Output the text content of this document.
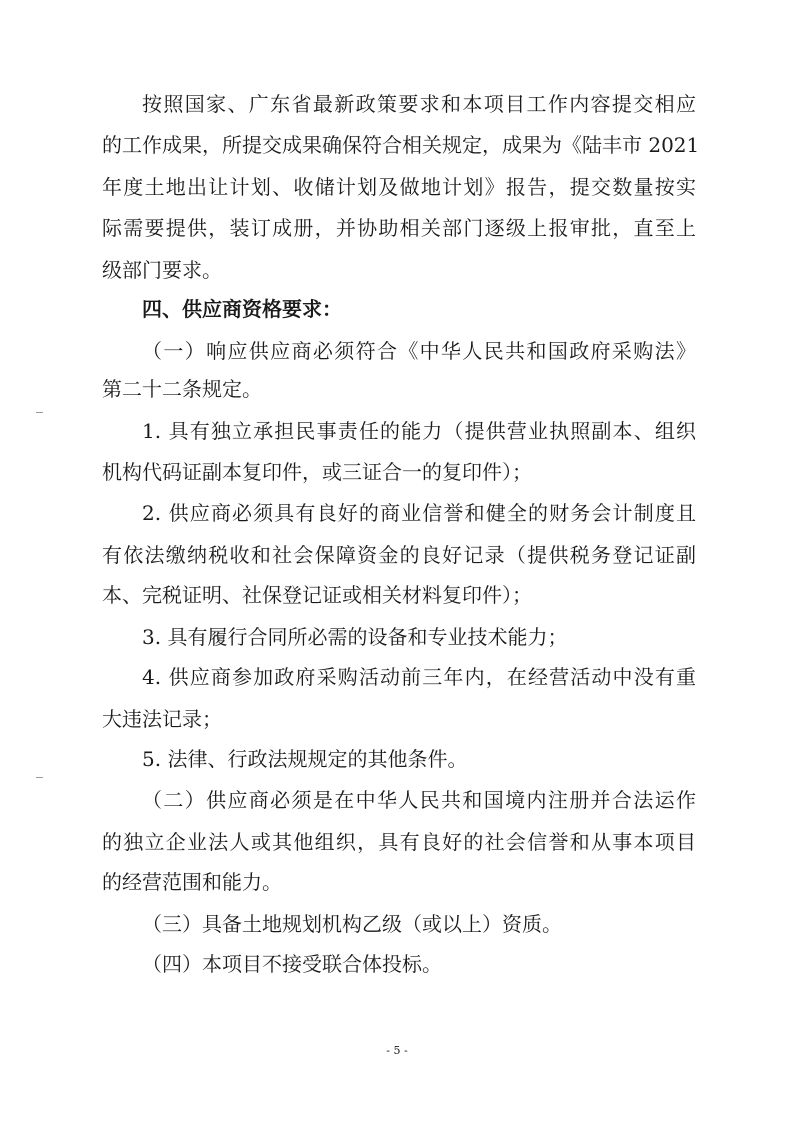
按照国家、广东省最新政策要求和本项目工作内容提交相应
的工作成果，所提交成果确保符合相关规定，成果为《陆丰市 2021
年度土地出让计划、收储计划及做地计划》报告，提交数量按实
际需要提供，装订成册，并协助相关部门逐级上报审批，直至上
级部门要求。
四、供应商资格要求：
（一）响应供应商必须符合《中华人民共和国政府采购法》
第二十二条规定。
1. 具有独立承担民事责任的能力（提供营业执照副本、组织
机构代码证副本复印件，或三证合一的复印件）；
2. 供应商必须具有良好的商业信誉和健全的财务会计制度且
有依法缴纳税收和社会保障资金的良好记录（提供税务登记证副
本、完税证明、社保登记证或相关材料复印件）；
3. 具有履行合同所必需的设备和专业技术能力；
4. 供应商参加政府采购活动前三年内，在经营活动中没有重
大违法记录；
5. 法律、行政法规规定的其他条件。
（二）供应商必须是在中华人民共和国境内注册并合法运作
的独立企业法人或其他组织，具有良好的社会信誉和从事本项目
的经营范围和能力。
（三）具备土地规划机构乙级（或以上）资质。
（四）本项目不接受联合体投标。
- 5 -
